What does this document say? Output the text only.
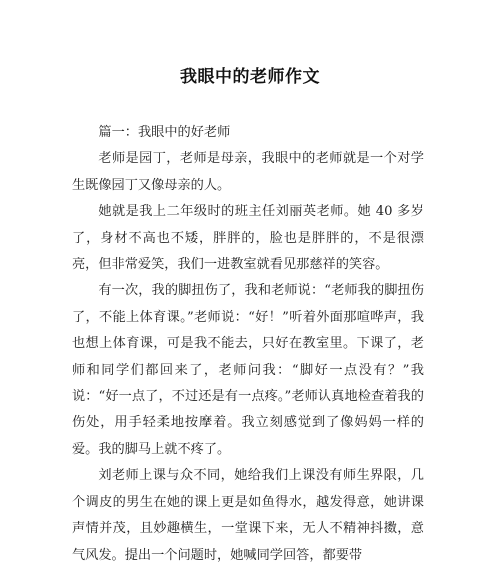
我眼中的老师作文

篇一：我眼中的好老师

老师是园丁，老师是母亲，我眼中的老师就是一个对学生既像园丁又像母亲的人。

她就是我上二年级时的班主任刘丽英老师。她 40 多岁了，身材不高也不矮，胖胖的，脸也是胖胖的，不是很漂亮，但非常爱笑，我们一进教室就看见那慈祥的笑容。

有一次，我的脚扭伤了，我和老师说：“老师我的脚扭伤了，不能上体育课。”老师说：“好！”听着外面那喧哗声，我也想上体育课，可是我不能去，只好在教室里。下课了，老师和同学们都回来了，老师问我：“脚好一点没有？”我说：“好一点了，不过还是有一点疼。”老师认真地检查着我的伤处，用手轻柔地按摩着。我立刻感觉到了像妈妈一样的爱。我的脚马上就不疼了。

刘老师上课与众不同，她给我们上课没有师生界限，几个调皮的男生在她的课上更是如鱼得水，越发得意，她讲课声情并茂，且妙趣横生，一堂课下来，无人不精神抖擞，意气风发。提出一个问题时，她喊同学回答，都要带
